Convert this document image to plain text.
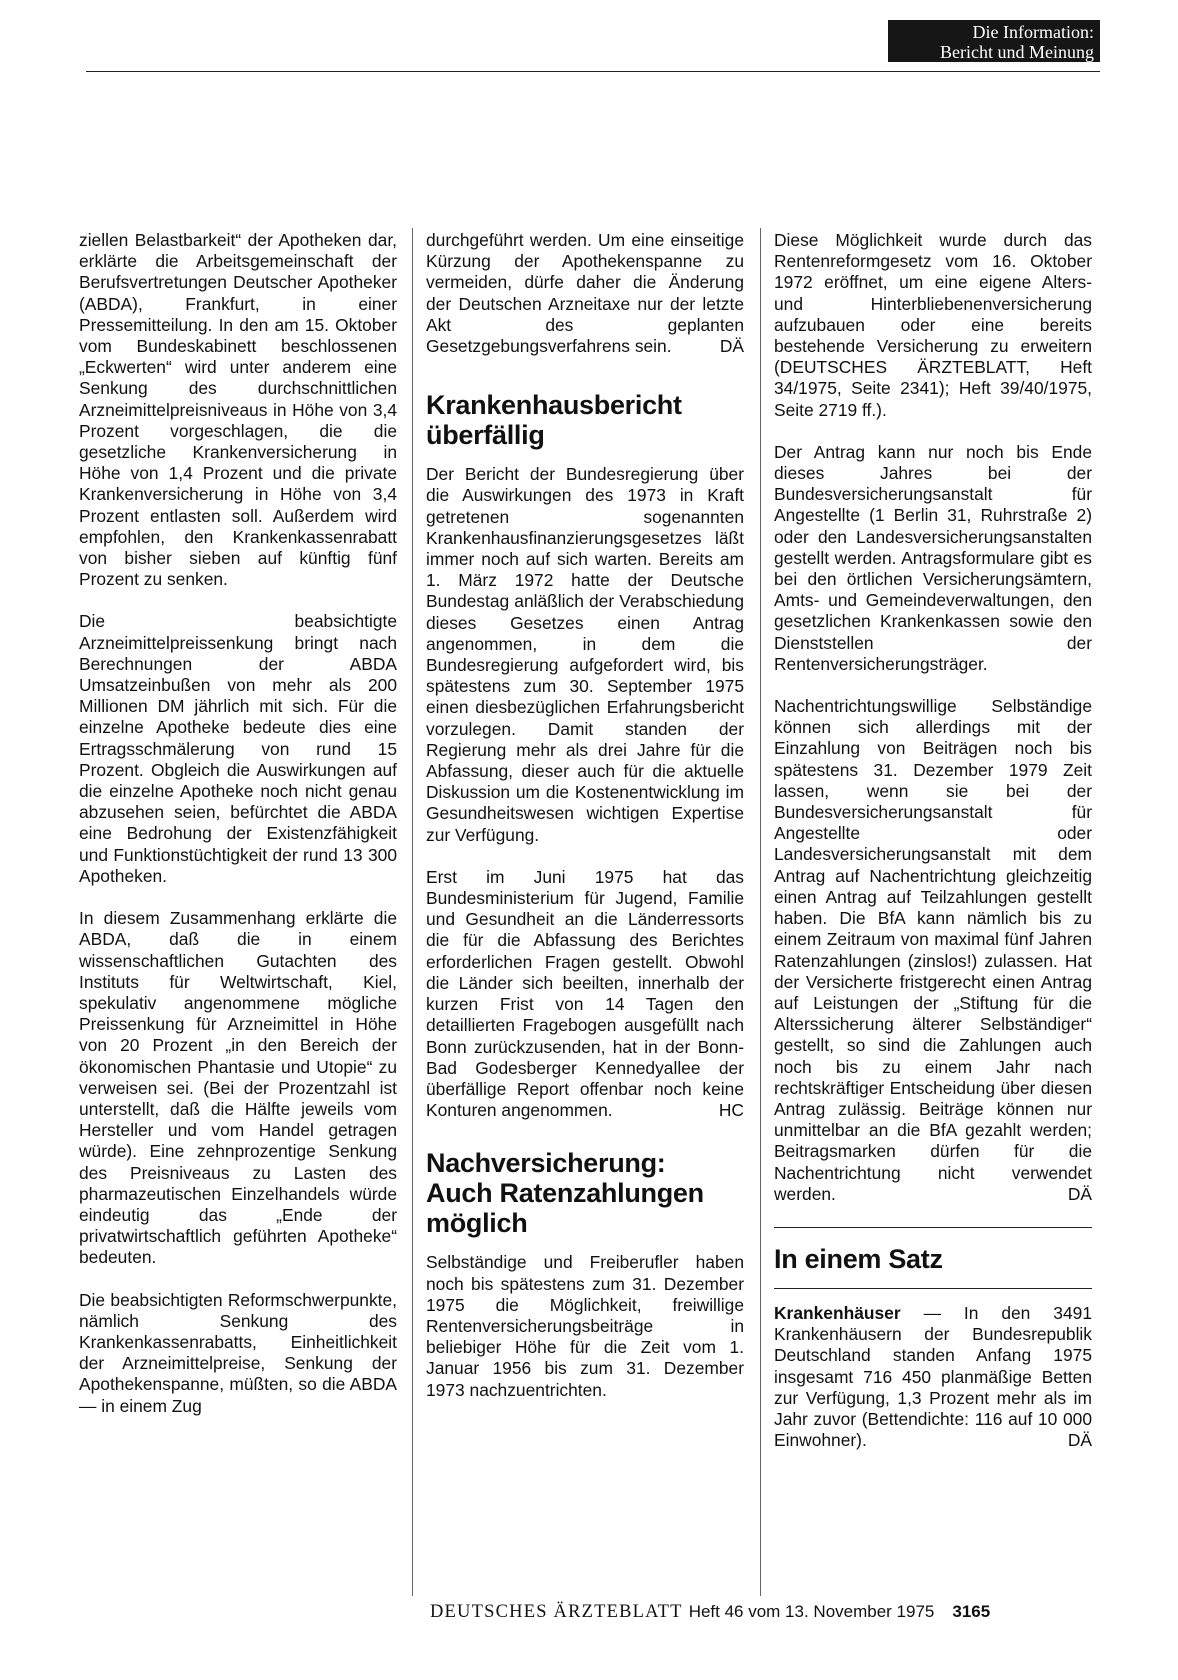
Die Information:
Bericht und Meinung

ziellen Belastbarkeit“ der Apotheken dar, erklärte die Arbeitsgemeinschaft der Berufsvertretungen Deutscher Apotheker (ABDA), Frankfurt, in einer Pressemitteilung. In den am 15. Oktober vom Bundeskabinett beschlossenen „Eckwerten“ wird unter anderem eine Senkung des durchschnittlichen Arzneimittelpreisniveaus in Höhe von 3,4 Prozent vorgeschlagen, die die gesetzliche Krankenversicherung in Höhe von 1,4 Prozent und die private Krankenversicherung in Höhe von 3,4 Prozent entlasten soll. Außerdem wird empfohlen, den Krankenkassenrabatt von bisher sieben auf künftig fünf Prozent zu senken.

Die beabsichtigte Arzneimittelpreissenkung bringt nach Berechnungen der ABDA Umsatzeinbußen von mehr als 200 Millionen DM jährlich mit sich. Für die einzelne Apotheke bedeute dies eine Ertragsschmälerung von rund 15 Prozent. Obgleich die Auswirkungen auf die einzelne Apotheke noch nicht genau abzusehen seien, befürchtet die ABDA eine Bedrohung der Existenzfähigkeit und Funktionstüchtigkeit der rund 13 300 Apotheken.

In diesem Zusammenhang erklärte die ABDA, daß die in einem wissenschaftlichen Gutachten des Instituts für Weltwirtschaft, Kiel, spekulativ angenommene mögliche Preissenkung für Arzneimittel in Höhe von 20 Prozent „in den Bereich der ökonomischen Phantasie und Utopie“ zu verweisen sei. (Bei der Prozentzahl ist unterstellt, daß die Hälfte jeweils vom Hersteller und vom Handel getragen würde). Eine zehnprozentige Senkung des Preisniveaus zu Lasten des pharmazeutischen Einzelhandels würde eindeutig das „Ende der privatwirtschaftlich geführten Apotheke“ bedeuten.

Die beabsichtigten Reformschwerpunkte, nämlich Senkung des Krankenkassenrabatts, Einheitlichkeit der Arzneimittelpreise, Senkung der Apothekenspanne, müßten, so die ABDA — in einem Zug

durchgeführt werden. Um eine einseitige Kürzung der Apothekenspanne zu vermeiden, dürfe daher die Änderung der Deutschen Arzneitaxe nur der letzte Akt des geplanten Gesetzgebungsverfahrens sein.	DÄ

Krankenhausbericht
überfällig

Der Bericht der Bundesregierung über die Auswirkungen des 1973 in Kraft getretenen sogenannten Krankenhausfinanzierungsgesetzes läßt immer noch auf sich warten. Bereits am 1. März 1972 hatte der Deutsche Bundestag anläßlich der Verabschiedung dieses Gesetzes einen Antrag angenommen, in dem die Bundesregierung aufgefordert wird, bis spätestens zum 30. September 1975 einen diesbezüglichen Erfahrungsbericht vorzulegen. Damit standen der Regierung mehr als drei Jahre für die Abfassung, dieser auch für die aktuelle Diskussion um die Kostenentwicklung im Gesundheitswesen wichtigen Expertise zur Verfügung.

Erst im Juni 1975 hat das Bundesministerium für Jugend, Familie und Gesundheit an die Länderressorts die für die Abfassung des Berichtes erforderlichen Fragen gestellt. Obwohl die Länder sich beeilten, innerhalb der kurzen Frist von 14 Tagen den detaillierten Fragebogen ausgefüllt nach Bonn zurückzusenden, hat in der Bonn-Bad Godesberger Kennedyallee der überfällige Report offenbar noch keine Konturen angenommen.	HC

Nachversicherung:
Auch Ratenzahlungen
möglich

Selbständige und Freiberufler haben noch bis spätestens zum 31. Dezember 1975 die Möglichkeit, freiwillige Rentenversicherungsbeiträge in beliebiger Höhe für die Zeit vom 1. Januar 1956 bis zum 31. Dezember 1973 nachzuentrichten.

Diese Möglichkeit wurde durch das Rentenreformgesetz vom 16. Oktober 1972 eröffnet, um eine eigene Alters- und Hinterbliebenenversicherung aufzubauen oder eine bereits bestehende Versicherung zu erweitern (DEUTSCHES ÄRZTEBLATT, Heft 34/1975, Seite 2341); Heft 39/40/1975, Seite 2719 ff.).

Der Antrag kann nur noch bis Ende dieses Jahres bei der Bundesversicherungsanstalt für Angestellte (1 Berlin 31, Ruhrstraße 2) oder den Landesversicherungsanstalten gestellt werden. Antragsformulare gibt es bei den örtlichen Versicherungsämtern, Amts- und Gemeindeverwaltungen, den gesetzlichen Krankenkassen sowie den Dienststellen der Rentenversicherungsträger.

Nachentrichtungswillige Selbständige können sich allerdings mit der Einzahlung von Beiträgen noch bis spätestens 31. Dezember 1979 Zeit lassen, wenn sie bei der Bundesversicherungsanstalt für Angestellte oder Landesversicherungsanstalt mit dem Antrag auf Nachentrichtung gleichzeitig einen Antrag auf Teilzahlungen gestellt haben. Die BfA kann nämlich bis zu einem Zeitraum von maximal fünf Jahren Ratenzahlungen (zinslos!) zulassen. Hat der Versicherte fristgerecht einen Antrag auf Leistungen der „Stiftung für die Alterssicherung älterer Selbständiger“ gestellt, so sind die Zahlungen auch noch bis zu einem Jahr nach rechtskräftiger Entscheidung über diesen Antrag zulässig. Beiträge können nur unmittelbar an die BfA gezahlt werden; Beitragsmarken dürfen für die Nachentrichtung nicht verwendet werden.	DÄ

In einem Satz

Krankenhäuser — In den 3491 Krankenhäusern der Bundesrepublik Deutschland standen Anfang 1975 insgesamt 716 450 planmäßige Betten zur Verfügung, 1,3 Prozent mehr als im Jahr zuvor (Bettendichte: 116 auf 10 000 Einwohner).	DÄ

DEUTSCHES ÄRZTEBLATT Heft 46 vom 13. November 1975 3165
